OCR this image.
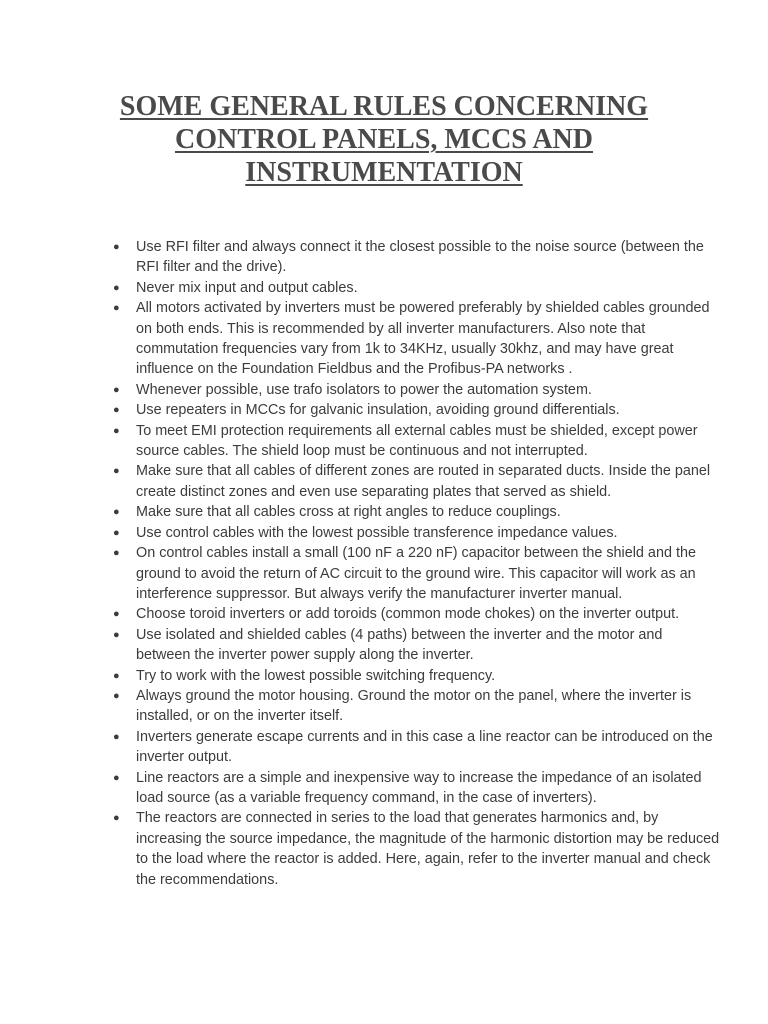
SOME GENERAL RULES CONCERNING CONTROL PANELS, MCCS AND INSTRUMENTATION
● Use RFI filter and always connect it the closest possible to the noise source (between the RFI filter and the drive).
● Never mix input and output cables.
● All motors activated by inverters must be powered preferably by shielded cables grounded on both ends. This is recommended by all inverter manufacturers. Also note that commutation frequencies vary from 1k to 34KHz, usually 30khz, and may have great influence on the Foundation Fieldbus and the Profibus-PA networks .
● Whenever possible, use trafo isolators to power the automation system.
● Use repeaters in MCCs for galvanic insulation, avoiding ground differentials.
● To meet EMI protection requirements all external cables must be shielded, except power source cables. The shield loop must be continuous and not interrupted.
● Make sure that all cables of different zones are routed in separated ducts. Inside the panel create distinct zones and even use separating plates that served as shield.
● Make sure that all cables cross at right angles to reduce couplings.
● Use control cables with the lowest possible transference impedance values.
● On control cables install a small (100 nF a 220 nF) capacitor between the shield and the ground to avoid the return of AC circuit to the ground wire. This capacitor will work as an interference suppressor. But always verify the manufacturer inverter manual.
● Choose toroid inverters or add toroids (common mode chokes) on the inverter output.
● Use isolated and shielded cables (4 paths) between the inverter and the motor and between the inverter power supply along the inverter.
● Try to work with the lowest possible switching frequency.
● Always ground the motor housing. Ground the motor on the panel, where the inverter is installed, or on the inverter itself.
● Inverters generate escape currents and in this case a line reactor can be introduced on the inverter output.
● Line reactors are a simple and inexpensive way to increase the impedance of an isolated load source (as a variable frequency command, in the case of inverters).
● The reactors are connected in series to the load that generates harmonics and, by increasing the source impedance, the magnitude of the harmonic distortion may be reduced to the load where the reactor is added. Here, again, refer to the inverter manual and check the recommendations.
